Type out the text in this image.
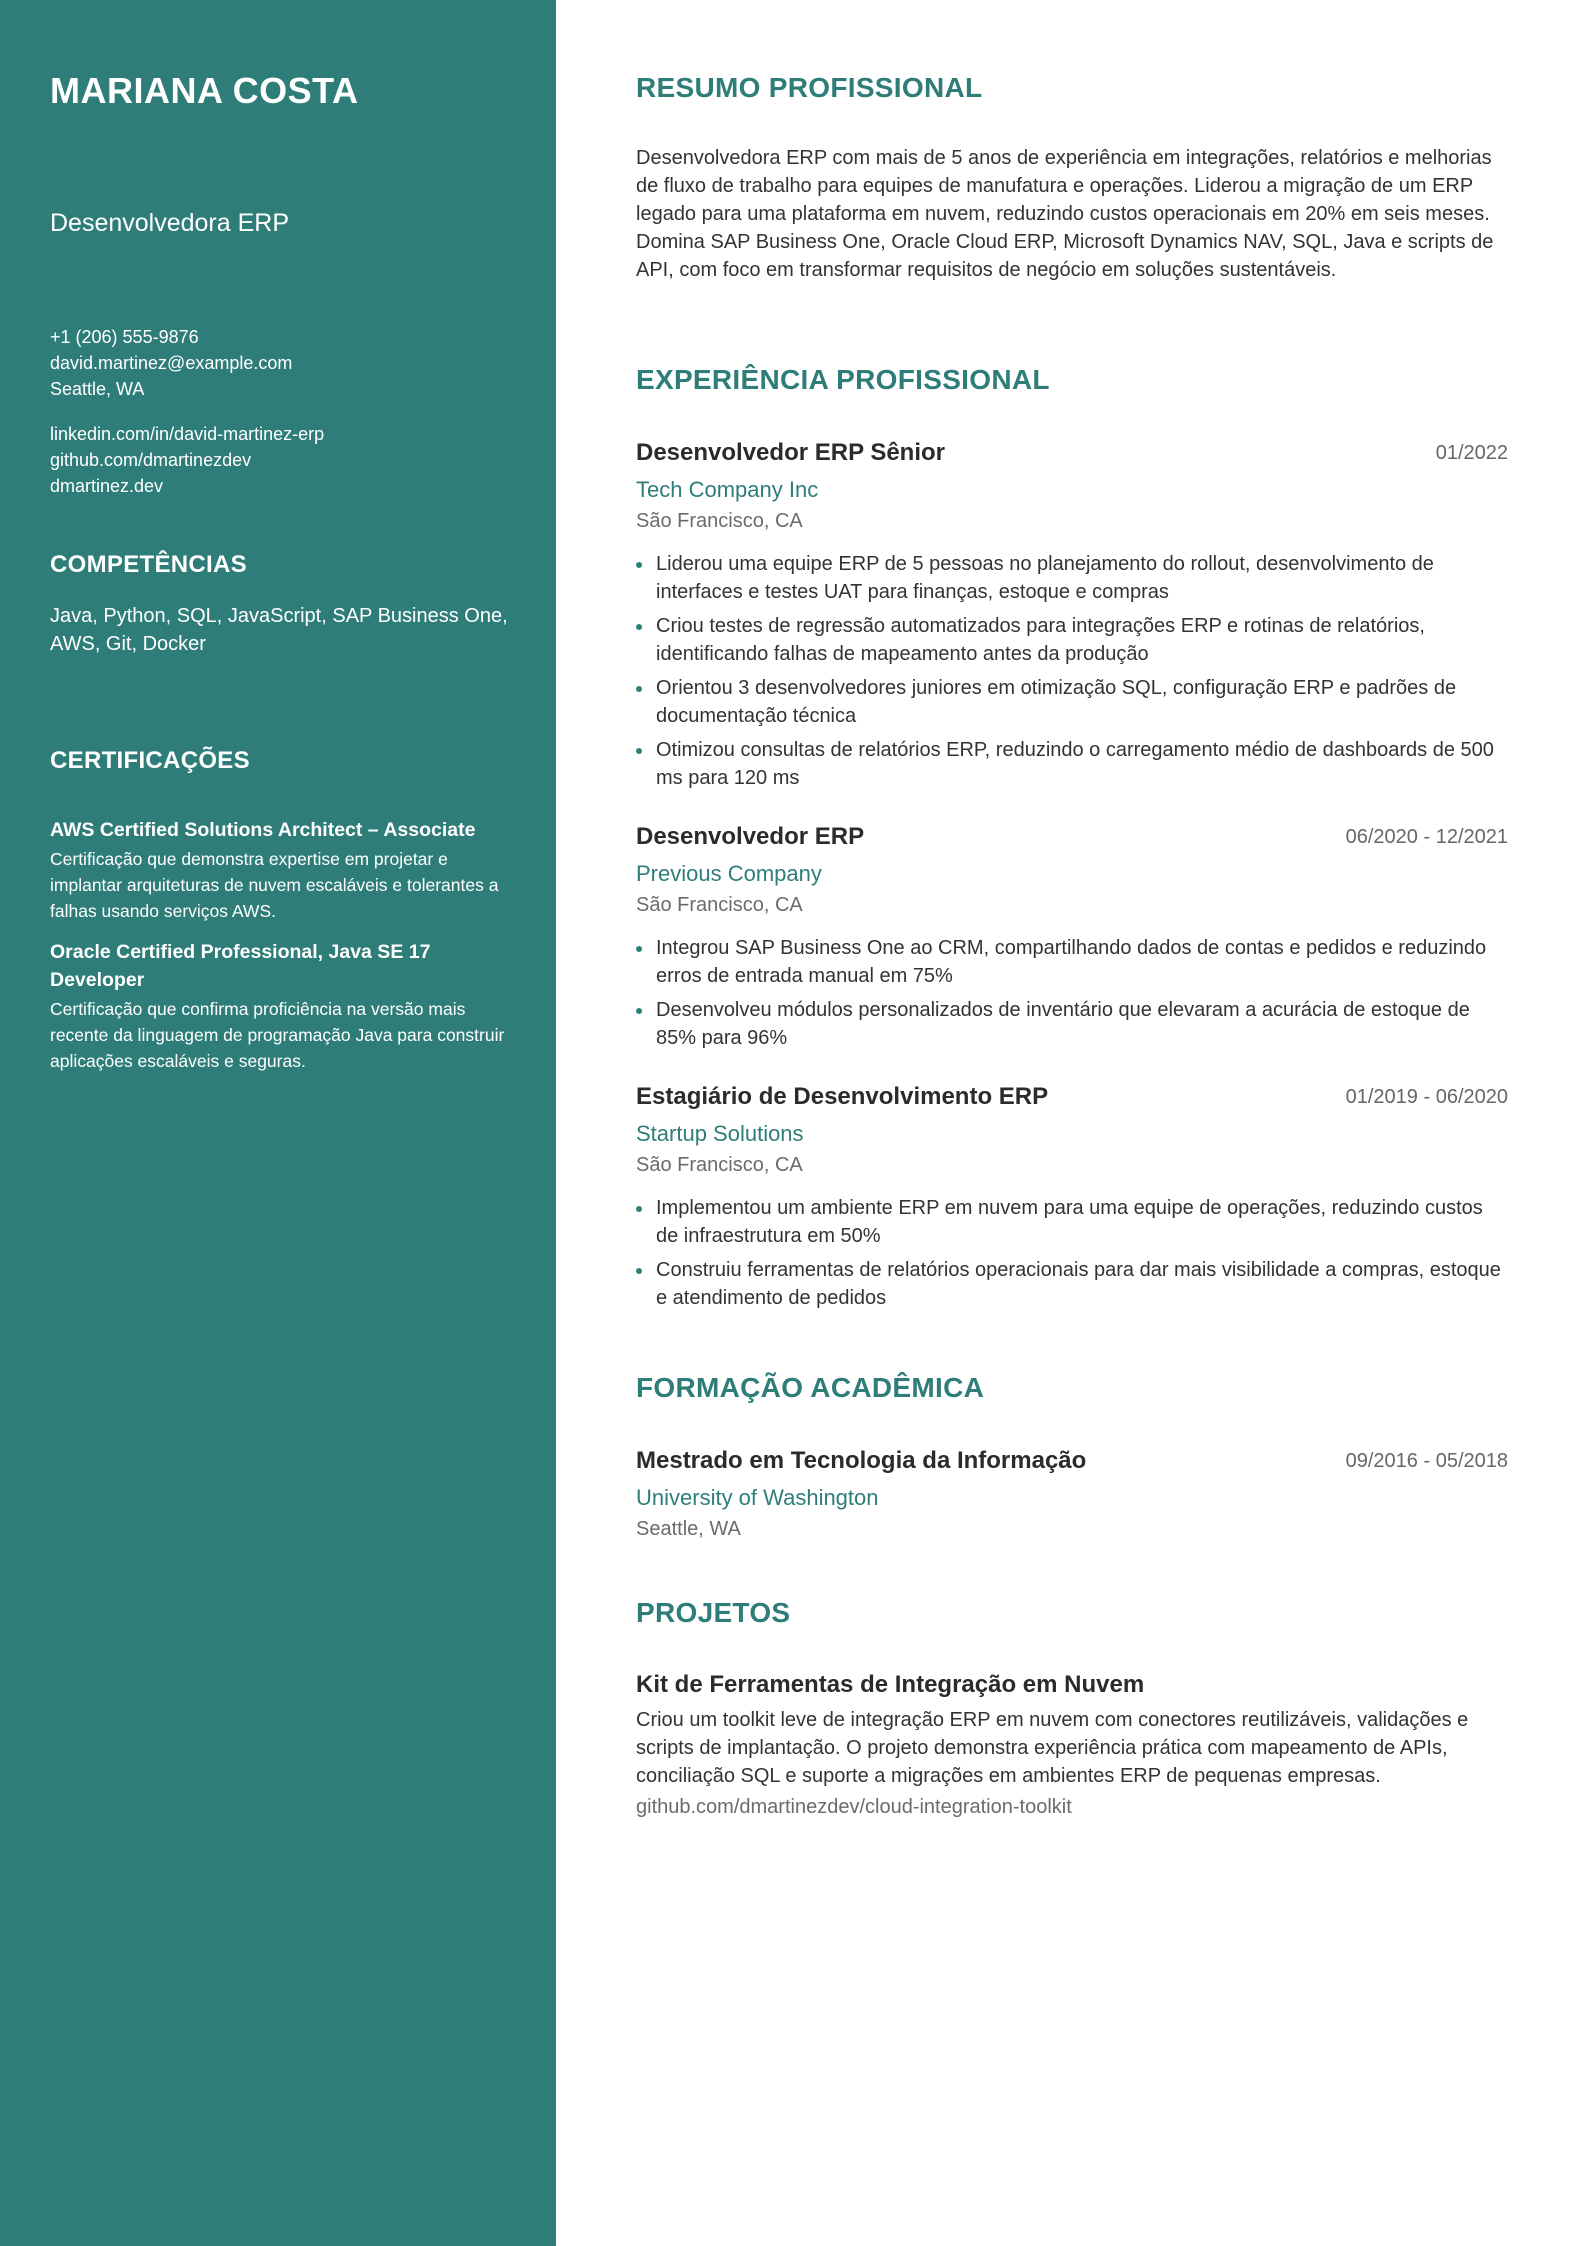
MARIANA COSTA
Desenvolvedora ERP
+1 (206) 555-9876
david.martinez@example.com
Seattle, WA
linkedin.com/in/david-martinez-erp
github.com/dmartinezdev
dmartinez.dev
COMPETÊNCIAS
Java, Python, SQL, JavaScript, SAP Business One, AWS, Git, Docker
CERTIFICAÇÕES
AWS Certified Solutions Architect – Associate
Certificação que demonstra expertise em projetar e implantar arquiteturas de nuvem escaláveis e tolerantes a falhas usando serviços AWS.
Oracle Certified Professional, Java SE 17 Developer
Certificação que confirma proficiência na versão mais recente da linguagem de programação Java para construir aplicações escaláveis e seguras.
RESUMO PROFISSIONAL
Desenvolvedora ERP com mais de 5 anos de experiência em integrações, relatórios e melhorias de fluxo de trabalho para equipes de manufatura e operações. Liderou a migração de um ERP legado para uma plataforma em nuvem, reduzindo custos operacionais em 20% em seis meses. Domina SAP Business One, Oracle Cloud ERP, Microsoft Dynamics NAV, SQL, Java e scripts de API, com foco em transformar requisitos de negócio em soluções sustentáveis.
EXPERIÊNCIA PROFISSIONAL
Desenvolvedor ERP Sênior	01/2022
Tech Company Inc
São Francisco, CA
Liderou uma equipe ERP de 5 pessoas no planejamento do rollout, desenvolvimento de interfaces e testes UAT para finanças, estoque e compras
Criou testes de regressão automatizados para integrações ERP e rotinas de relatórios, identificando falhas de mapeamento antes da produção
Orientou 3 desenvolvedores juniores em otimização SQL, configuração ERP e padrões de documentação técnica
Otimizou consultas de relatórios ERP, reduzindo o carregamento médio de dashboards de 500 ms para 120 ms
Desenvolvedor ERP	06/2020 - 12/2021
Previous Company
São Francisco, CA
Integrou SAP Business One ao CRM, compartilhando dados de contas e pedidos e reduzindo erros de entrada manual em 75%
Desenvolveu módulos personalizados de inventário que elevaram a acurácia de estoque de 85% para 96%
Estagiário de Desenvolvimento ERP	01/2019 - 06/2020
Startup Solutions
São Francisco, CA
Implementou um ambiente ERP em nuvem para uma equipe de operações, reduzindo custos de infraestrutura em 50%
Construiu ferramentas de relatórios operacionais para dar mais visibilidade a compras, estoque e atendimento de pedidos
FORMAÇÃO ACADÊMICA
Mestrado em Tecnologia da Informação	09/2016 - 05/2018
University of Washington
Seattle, WA
PROJETOS
Kit de Ferramentas de Integração em Nuvem
Criou um toolkit leve de integração ERP em nuvem com conectores reutilizáveis, validações e scripts de implantação. O projeto demonstra experiência prática com mapeamento de APIs, conciliação SQL e suporte a migrações em ambientes ERP de pequenas empresas.
github.com/dmartinezdev/cloud-integration-toolkit
